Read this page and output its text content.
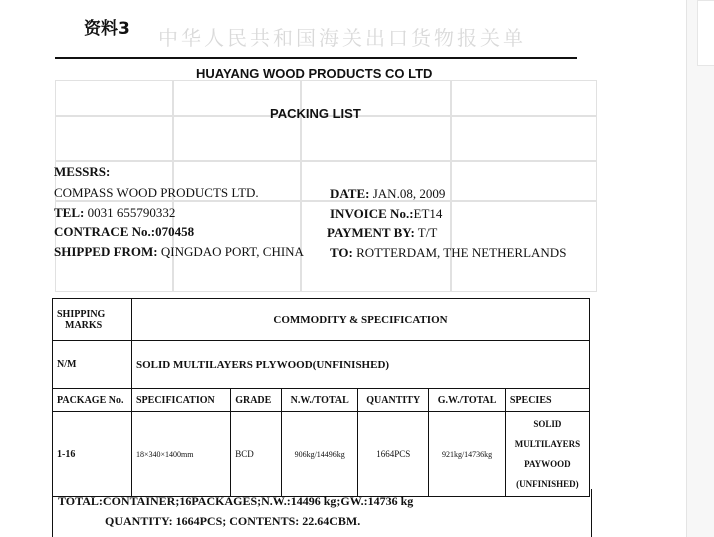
中华人民共和国海关出口货物报关单
资料3
HUAYANG WOOD PRODUCTS CO LTD
PACKING LIST
MESSRS:
COMPASS WOOD PRODUCTS LTD.
TEL: 0031 655790332
CONTRACE No.:070458
SHIPPED FROM: QINGDAO PORT, CHINA
DATE: JAN.08, 2009
INVOICE No.:ET14
PAYMENT BY: T/T
TO: ROTTERDAM, THE NETHERLANDS
SHIPPING
MARKS	COMMODITY & SPECIFICATION					
N/M	SOLID MULTILAYERS PLYWOOD(UNFINISHED)					
PACKAGE No.	SPECIFICATION	GRADE	N.W./TOTAL	QUANTITY	G.W./TOTAL	SPECIES
1-16	18×340×1400mm	BCD	906kg/14496kg	1664PCS	921kg/14736kg	SOLID
MULTILAYERS
PAYWOOD
(UNFINISHED)
TOTAL:CONTAINER;16PACKAGES;N.W.:14496 kg;GW.:14736 kg
QUANTITY: 1664PCS; CONTENTS: 22.64CBM.
